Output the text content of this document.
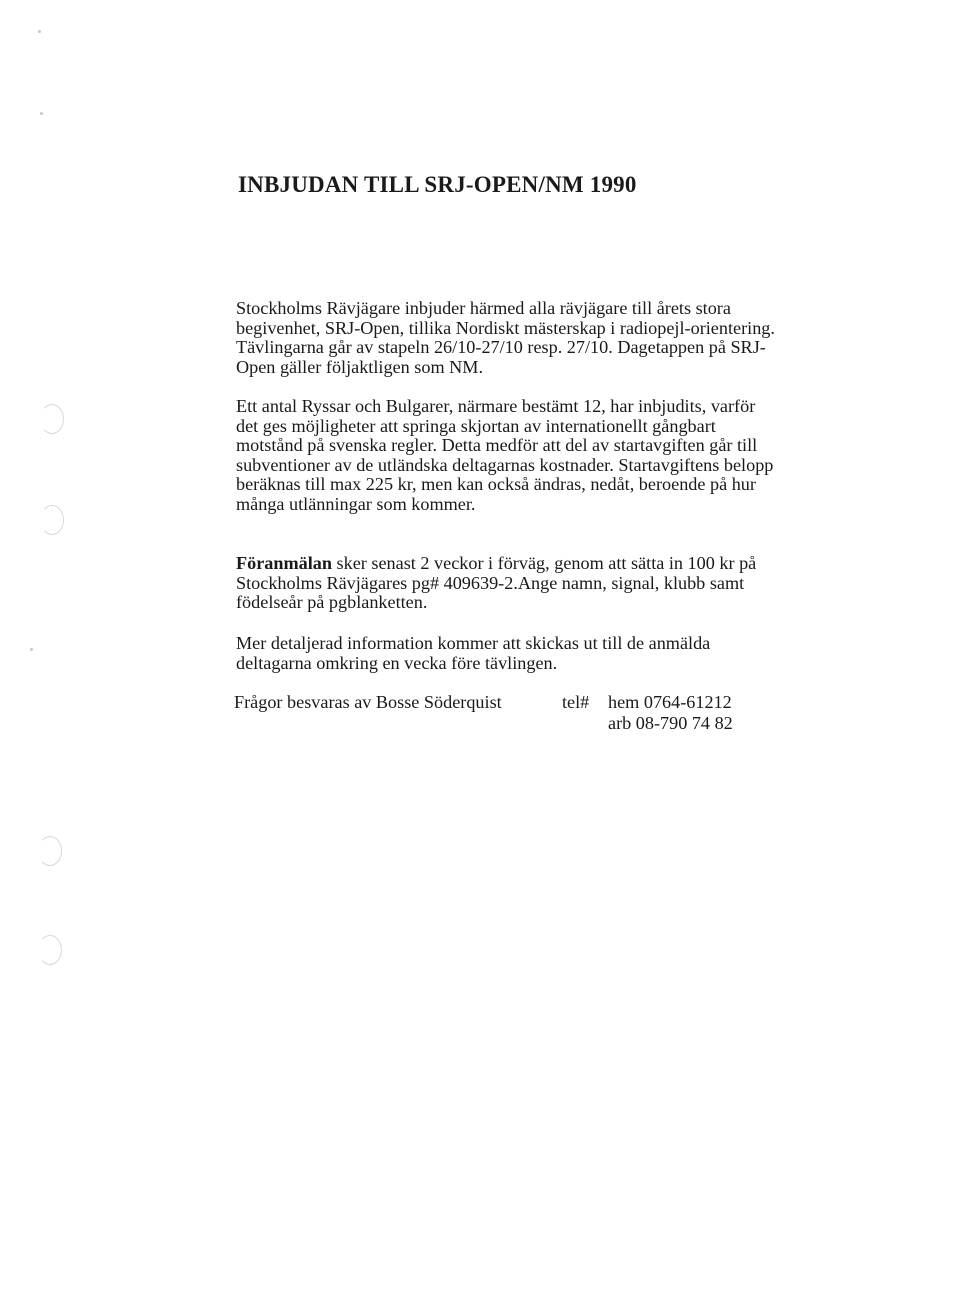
INBJUDAN TILL SRJ-OPEN/NM 1990

Stockholms Rävjägare inbjuder härmed alla rävjägare till årets stora begivenhet, SRJ-Open, tillika Nordiskt mästerskap i radiopejl-orientering. Tävlingarna går av stapeln 26/10-27/10 resp. 27/10. Dagetappen på SRJ-Open gäller följaktligen som NM.

Ett antal Ryssar och Bulgarer, närmare bestämt 12, har inbjudits, varför det ges möjligheter att springa skjortan av internationellt gångbart motstånd på svenska regler. Detta medför att del av startavgiften går till subventioner av de utländska deltagarnas kostnader. Startavgiftens belopp beräknas till max 225 kr, men kan också ändras, nedåt, beroende på hur många utlänningar som kommer.

Föranmälan sker senast 2 veckor i förväg, genom att sätta in 100 kr på Stockholms Rävjägares pg# 409639-2.Ange namn, signal, klubb samt födelseår på pgblanketten.

Mer detaljerad information kommer att skickas ut till de anmälda deltagarna omkring en vecka före tävlingen.

Frågor besvaras av Bosse Söderquist	tel# hem 0764-61212
arb 08-790 74 82
